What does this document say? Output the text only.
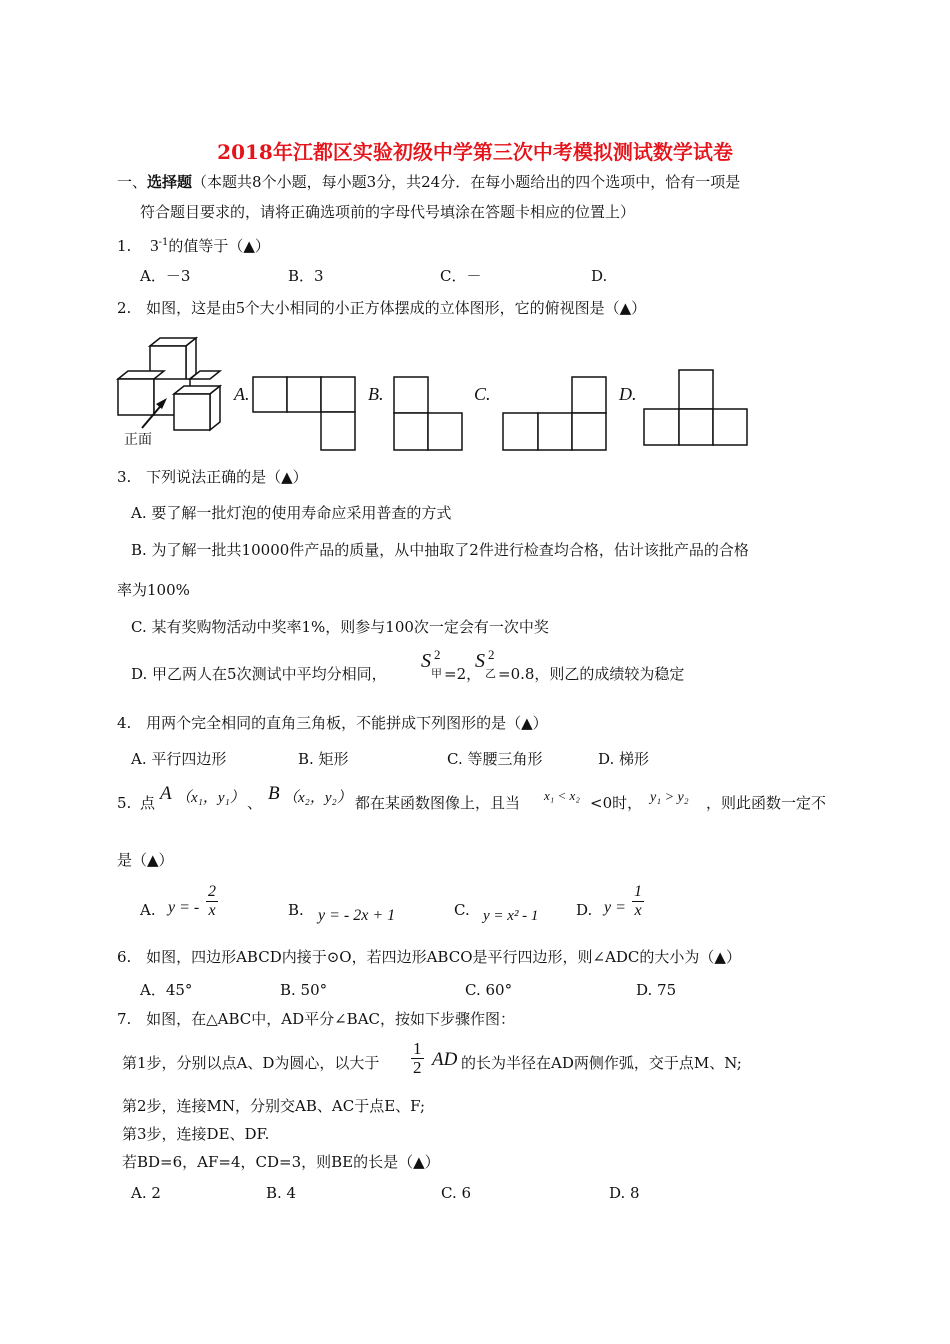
2018年江都区实验初级中学第三次中考模拟测试数学试卷
一、选择题（本题共8个小题，每小题3分，共24分．在每小题给出的四个选项中，恰有一项是
符合题目要求的，请将正确选项前的字母代号填涂在答题卡相应的位置上）
1. $3^{-1}$的值等于（▲）
A．－3	B．3	C．－	D.
2. 如图，这是由5个大小相同的小正方体摆成的立体图形，它的俯视图是（▲）
正面
A.	B.	C.	D.
3. 下列说法正确的是（▲）
A. 要了解一批灯泡的使用寿命应采用普查的方式
B. 为了解一批共10000件产品的质量，从中抽取了2件进行检查均合格，估计该批产品的合格
率为100%
C. 某有奖购物活动中奖率1%，则参与100次一定会有一次中奖
D. 甲乙两人在5次测试中平均分相同，
S 2
甲 =2，
S 2
乙 =0.8，则乙的成绩较为稳定
4. 用两个完全相同的直角三角板，不能拼成下列图形的是（▲）
A. 平行四边形	B. 矩形	C. 等腰三角形	D. 梯形
5. 点 A （x₁，y₁） 、 B （x₂，y₂） 都在某函数图像上，且当 x₁ < x₂ <0时， y₁ > y₂ ，则此函数一定不
是（▲）
A. y = - $\frac{2}{x}$	B. y = - 2x + 1	C. y = x² - 1	D. $y = \frac{1}{x}$
6. 如图，四边形ABCD内接于⊙O，若四边形ABCO是平行四边形，则∠ADC的大小为（▲）
A．45°	B. 50°	C. 60°	D. 75
7. 如图，在△ABC中，AD平分∠BAC，按如下步骤作图：
第1步，分别以点A、D为圆心，以大于 $\frac{1}{2}$ AD 的长为半径在AD两侧作弧，交于点M、N;
第2步，连接MN，分别交AB、AC于点E、F;
第3步，连接DE、DF.
若BD=6，AF=4，CD=3，则BE的长是（▲）
A. 2	B. 4	C. 6	D. 8
